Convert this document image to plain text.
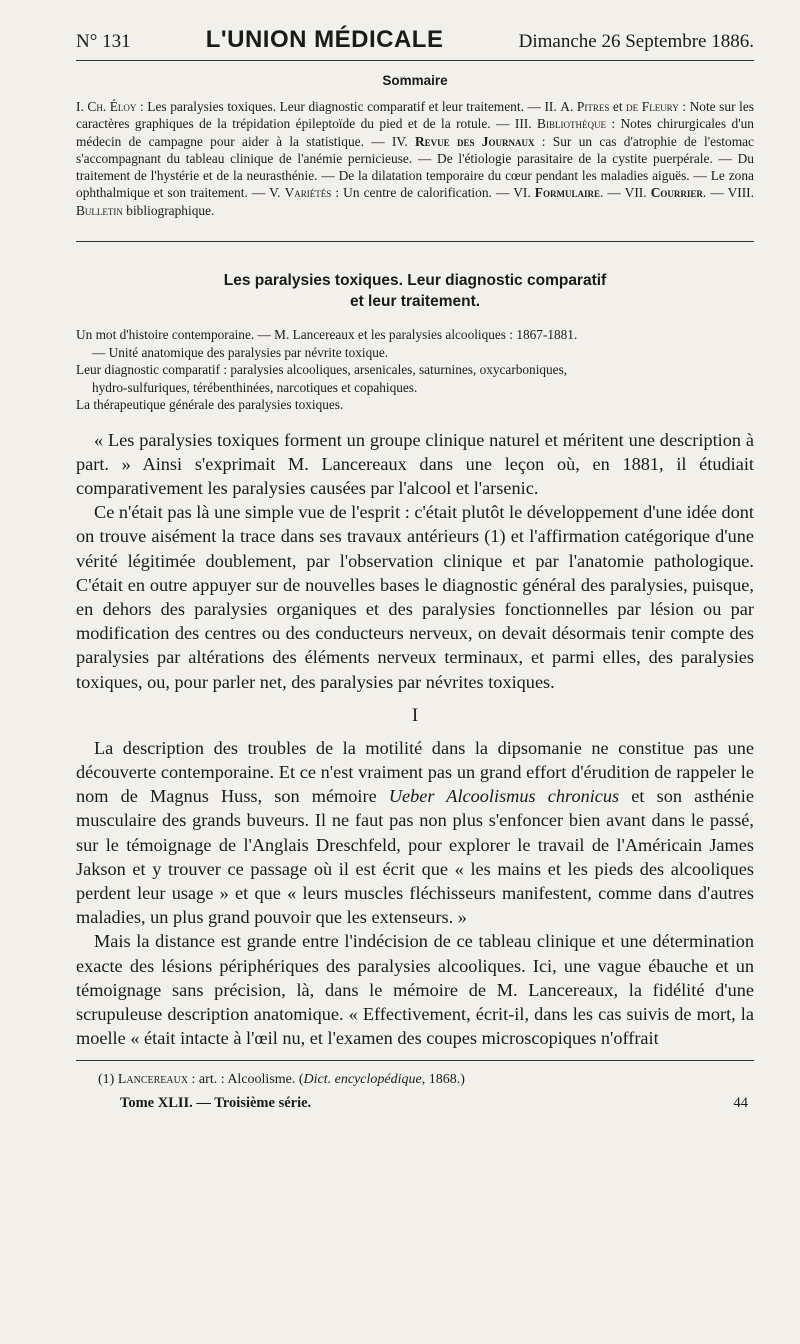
N° 131	L'UNION MÉDICALE	Dimanche 26 Septembre 1886.
Sommaire

I. Ch. Éloy : Les paralysies toxiques. Leur diagnostic comparatif et leur traitement. — II. A. Pitres et de Fleury : Note sur les caractères graphiques de la trépidation épileptoïde du pied et de la rotule. — III. Bibliothèque : Notes chirurgicales d'un médecin de campagne pour aider à la statistique. — IV. Revue des Journaux : Sur un cas d'atrophie de l'estomac s'accompagnant du tableau clinique de l'anémie pernicieuse. — De l'étiologie parasitaire de la cystite puerpérale. — Du traitement de l'hystérie et de la neurasthénie. — De la dilatation temporaire du cœur pendant les maladies aiguës. — Le zona ophthalmique et son traitement. — V. Variétés : Un centre de calorification. — VI. Formulaire. — VII. Courrier. — VIII. Bulletin bibliographique.

Les paralysies toxiques. Leur diagnostic comparatif
et leur traitement.

Un mot d'histoire contemporaine. — M. Lancereaux et les paralysies alcooliques : 1867-1881.

— Unité anatomique des paralysies par névrite toxique.

Leur diagnostic comparatif : paralysies alcooliques, arsenicales, saturnines, oxycarboniques,

hydro-sulfuriques, térébenthinées, narcotiques et copahiques.

La thérapeutique générale des paralysies toxiques.

« Les paralysies toxiques forment un groupe clinique naturel et méritent une description à part. » Ainsi s'exprimait M. Lancereaux dans une leçon où, en 1881, il étudiait comparativement les paralysies causées par l'alcool et l'arsenic.

Ce n'était pas là une simple vue de l'esprit : c'était plutôt le développement d'une idée dont on trouve aisément la trace dans ses travaux antérieurs (1) et l'affirmation catégorique d'une vérité légitimée doublement, par l'observation clinique et par l'anatomie pathologique. C'était en outre appuyer sur de nouvelles bases le diagnostic général des paralysies, puisque, en dehors des paralysies organiques et des paralysies fonctionnelles par lésion ou par modification des centres ou des conducteurs nerveux, on devait désormais tenir compte des paralysies par altérations des éléments nerveux terminaux, et parmi elles, des paralysies toxiques, ou, pour parler net, des paralysies par névrites toxiques.

I

La description des troubles de la motilité dans la dipsomanie ne constitue pas une découverte contemporaine. Et ce n'est vraiment pas un grand effort d'érudition de rappeler le nom de Magnus Huss, son mémoire Ueber Alcoolismus chronicus et son asthénie musculaire des grands buveurs. Il ne faut pas non plus s'enfoncer bien avant dans le passé, sur le témoignage de l'Anglais Dreschfeld, pour explorer le travail de l'Américain James Jakson et y trouver ce passage où il est écrit que « les mains et les pieds des alcooliques perdent leur usage » et que « leurs muscles fléchisseurs manifestent, comme dans d'autres maladies, un plus grand pouvoir que les extenseurs. »

Mais la distance est grande entre l'indécision de ce tableau clinique et une détermination exacte des lésions périphériques des paralysies alcooliques. Ici, une vague ébauche et un témoignage sans précision, là, dans le mémoire de M. Lancereaux, la fidélité d'une scrupuleuse description anatomique. « Effectivement, écrit-il, dans les cas suivis de mort, la moelle « était intacte à l'œil nu, et l'examen des coupes microscopiques n'offrait

(1) Lancereaux : art. : Alcoolisme. (Dict. encyclopédique, 1868.)
Tome XLII. — Troisième série.	44
